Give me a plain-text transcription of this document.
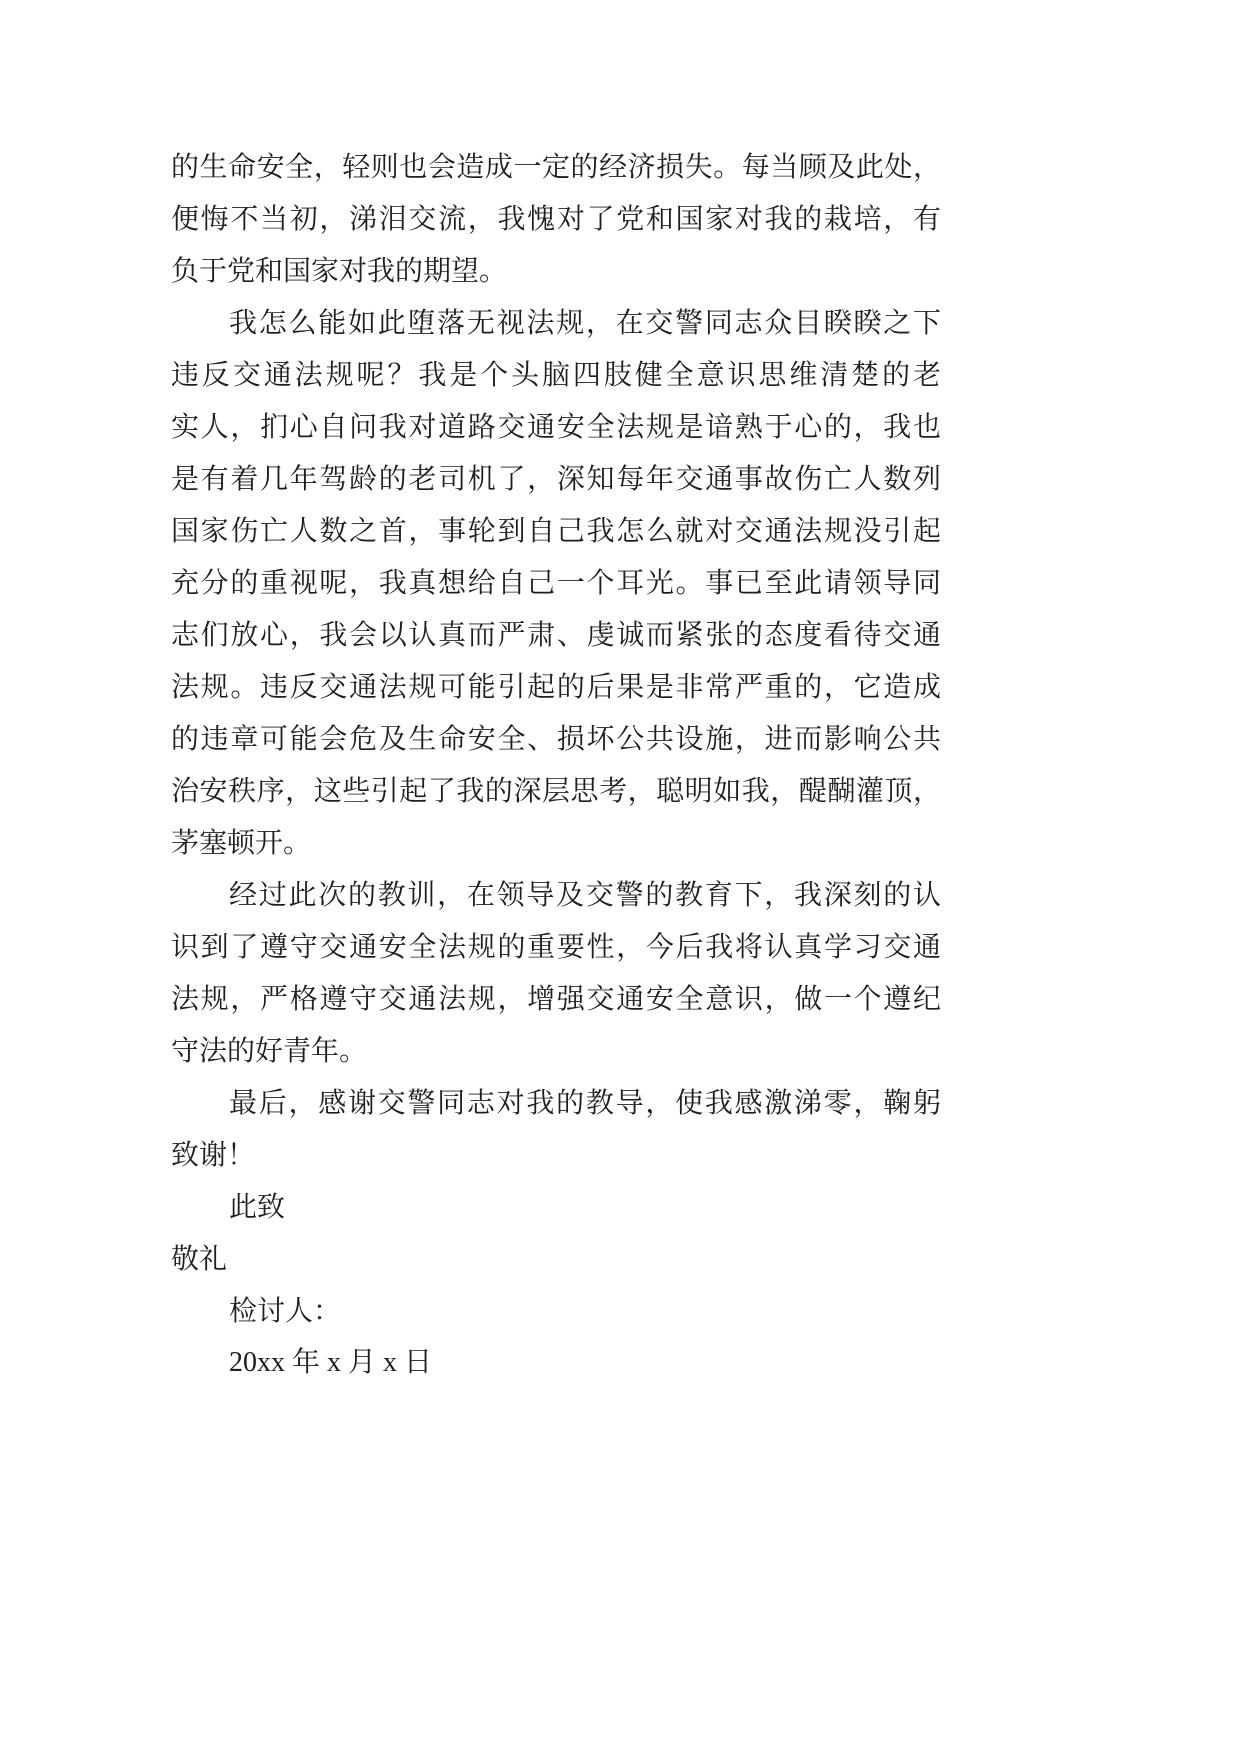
的生命安全，轻则也会造成一定的经济损失。每当顾及此处，
便悔不当初，涕泪交流，我愧对了党和国家对我的栽培，有
负于党和国家对我的期望。
我怎么能如此堕落无视法规，在交警同志众目睽睽之下
违反交通法规呢？我是个头脑四肢健全意识思维清楚的老
实人，扪心自问我对道路交通安全法规是谙熟于心的，我也
是有着几年驾龄的老司机了，深知每年交通事故伤亡人数列
国家伤亡人数之首，事轮到自己我怎么就对交通法规没引起
充分的重视呢，我真想给自己一个耳光。事已至此请领导同
志们放心，我会以认真而严肃、虔诚而紧张的态度看待交通
法规。违反交通法规可能引起的后果是非常严重的，它造成
的违章可能会危及生命安全、损坏公共设施，进而影响公共
治安秩序，这些引起了我的深层思考，聪明如我，醍醐灌顶，
茅塞顿开。
经过此次的教训，在领导及交警的教育下，我深刻的认
识到了遵守交通安全法规的重要性，今后我将认真学习交通
法规，严格遵守交通法规，增强交通安全意识，做一个遵纪
守法的好青年。
最后，感谢交警同志对我的教导，使我感激涕零，鞠躬
致谢！
此致
敬礼
检讨人：
20xx 年 x 月 x 日
